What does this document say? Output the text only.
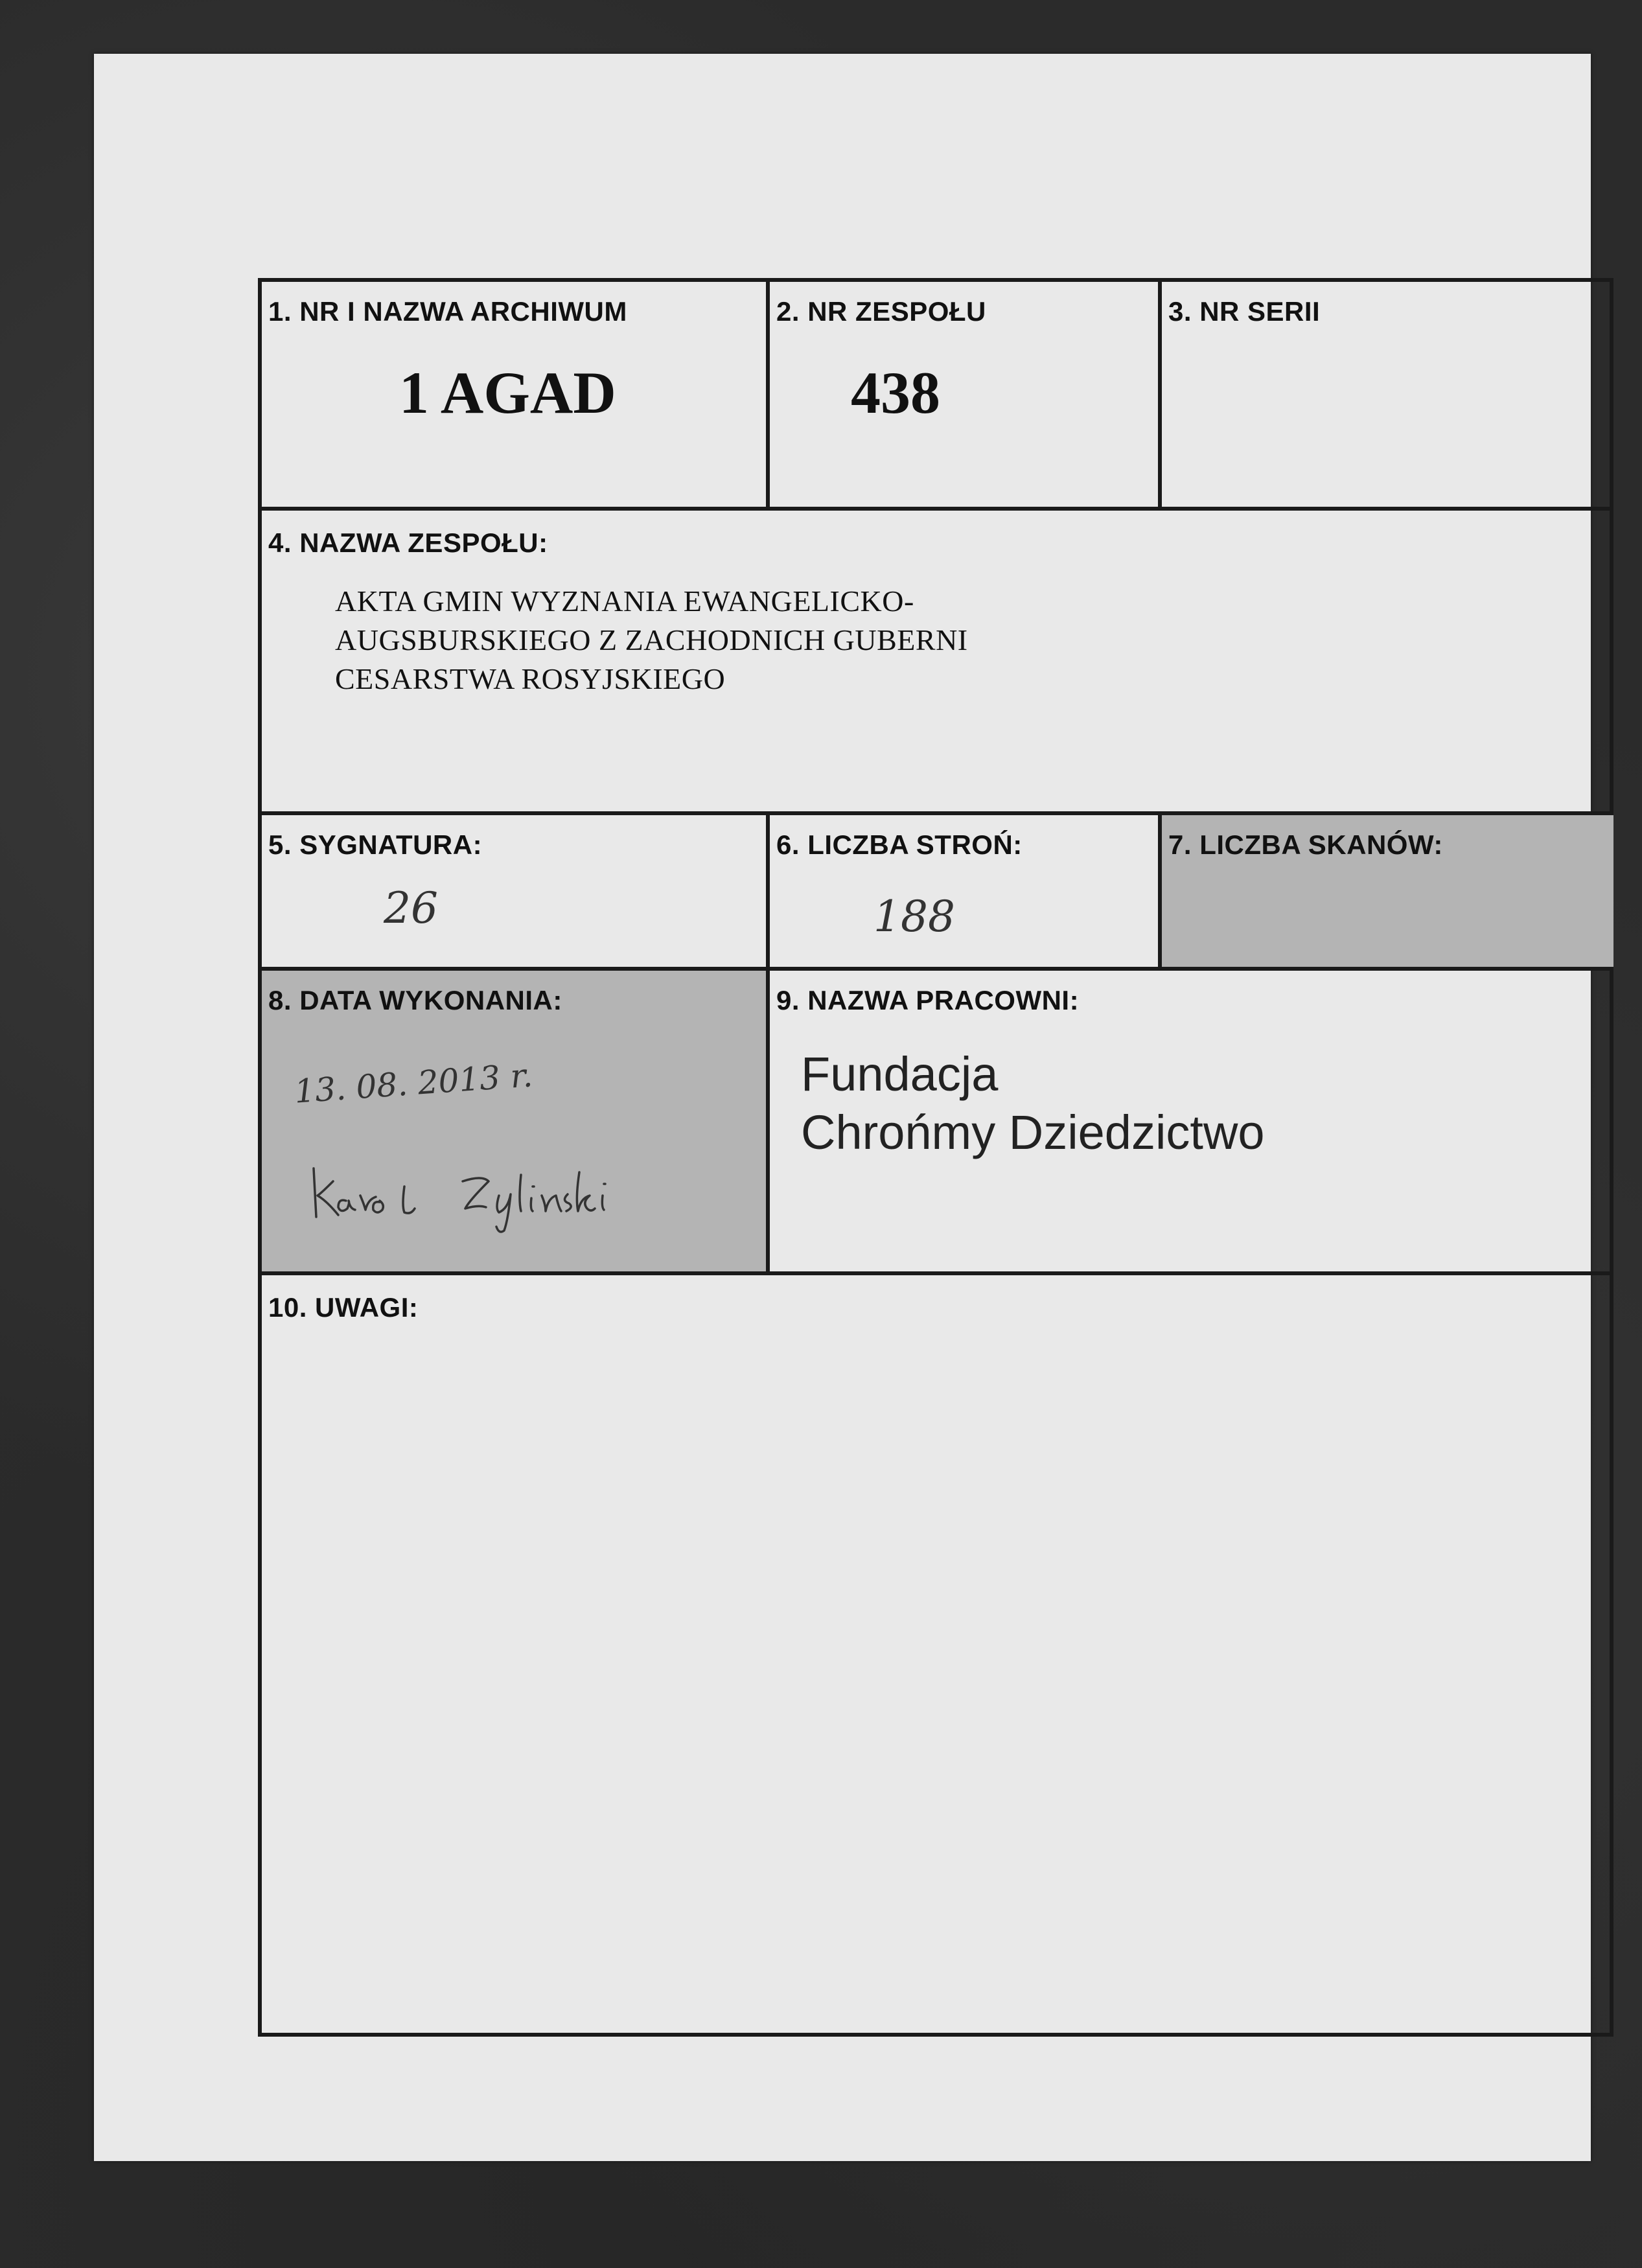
1. NR I NAZWA ARCHIWUM
1 AGAD
2. NR ZESPOŁU
438
3. NR SERII
4. NAZWA ZESPOŁU:
AKTA GMIN WYZNANIA EWANGELICKO-
AUGSBURSKIEGO Z ZACHODNICH GUBERNI
CESARSTWA ROSYJSKIEGO
5. SYGNATURA:
26
6. LICZBA STROŃ:
188
7. LICZBA SKANÓW:
8. DATA WYKONANIA:
13. 08. 2013 r.
9. NAZWA PRACOWNI:
Fundacja
Chrońmy Dziedzictwo
10. UWAGI:
